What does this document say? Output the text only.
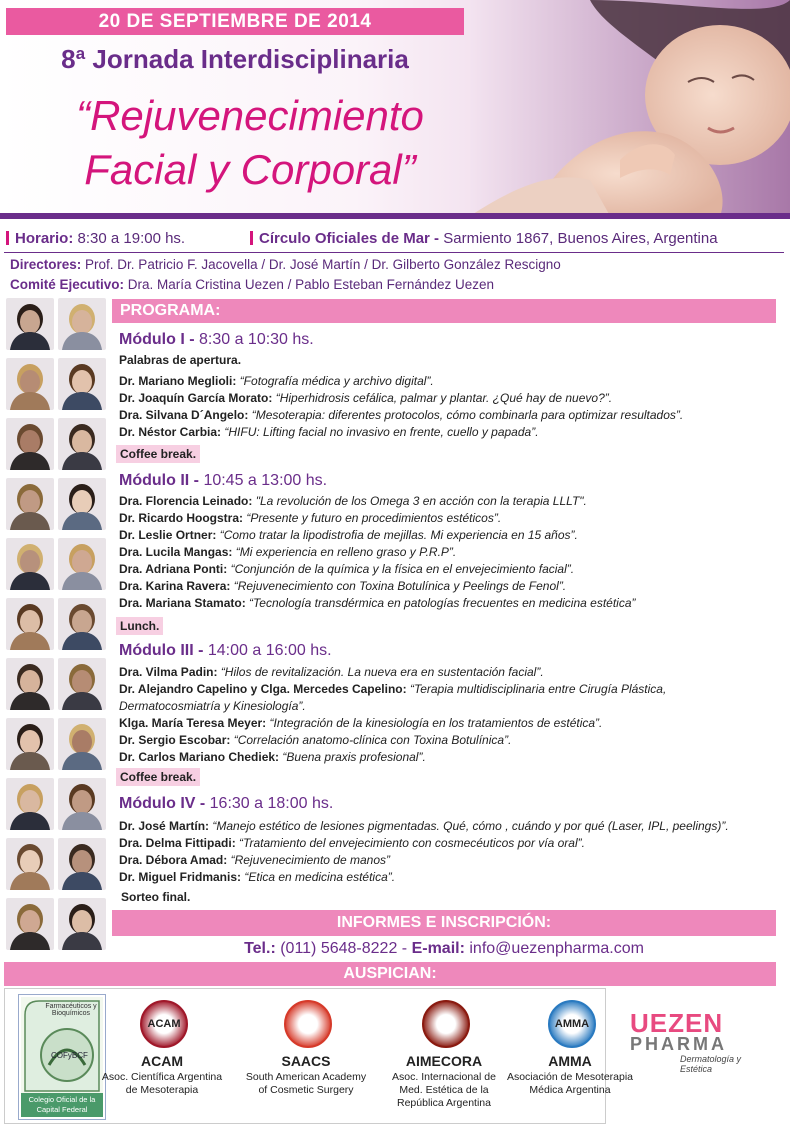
20 DE SEPTIEMBRE DE 2014
8ª Jornada Interdisciplinaria
“Rejuvenecimiento
Facial y Corporal”
Horario: 8:30 a 19:00 hs.	Círculo Oficiales de Mar - Sarmiento 1867, Buenos Aires, Argentina
Directores: Prof. Dr. Patricio F. Jacovella / Dr. José Martín / Dr. Gilberto González Rescigno
Comité Ejecutivo: Dra. María Cristina Uezen / Pablo Esteban Fernández Uezen
PROGRAMA:
Módulo I - 8:30 a 10:30 hs.
Palabras de apertura.
Dr. Mariano Meglioli: “Fotografía médica y archivo digital”.
Dr. Joaquín García Morato: “Hiperhidrosis cefálica, palmar y plantar. ¿Qué hay de nuevo?”.
Dra. Silvana D´Angelo: “Mesoterapia: diferentes protocolos, cómo combinarla para optimizar resultados”.
Dr. Néstor Carbia: “HIFU: Lifting facial no invasivo en frente, cuello y papada”.
Coffee break.
Módulo II - 10:45 a 13:00 hs.
Dra. Florencia Leinado: "La revolución de los Omega 3 en acción con la terapia LLLT".
Dr. Ricardo Hoogstra: “Presente y futuro en procedimientos estéticos”.
Dr. Leslie Ortner: “Como tratar la lipodistrofia de mejillas. Mi experiencia en 15 años”.
Dra. Lucila Mangas: “Mi experiencia en relleno graso y P.R.P”.
Dra. Adriana Ponti: “Conjunción de la química y la física en el envejecimiento facial”.
Dra. Karina Ravera: “Rejuvenecimiento con Toxina Botulínica y Peelings de Fenol”.
Dra. Mariana Stamato: “Tecnología transdérmica en patologías frecuentes en medicina estética”
Lunch.
Módulo III - 14:00 a 16:00 hs.
Dra. Vilma Padin: “Hilos de revitalización. La nueva era en sustentación facial”.
Dr. Alejandro Capelino y Clga. Mercedes Capelino: “Terapia multidisciplinaria entre Cirugía Plástica,
Dermatocosmiatría y Kinesiología”.
Klga. María Teresa Meyer: “Integración de la kinesiología en los tratamientos de estética”.
Dr. Sergio Escobar: “Correlación anatomo-clínica con Toxina Botulínica”.
Dr. Carlos Mariano Chediek: “Buena praxis profesional”.
Coffee break.
Módulo IV - 16:30 a 18:00 hs.
Dr. José Martín: “Manejo estético de lesiones pigmentadas. Qué, cómo , cuándo y por qué (Laser, IPL, peelings)”.
Dra. Delma Fittipadi: “Tratamiento del envejecimiento con cosmecéuticos por vía oral”.
Dra. Débora Amad: “Rejuvenecimiento de manos”
Dr. Miguel Fridmanis: “Etica en medicina estética”.
Sorteo final.
INFORMES E INSCRIPCIÓN:
Tel.: (011) 5648-8222 - E-mail: info@uezenpharma.com
AUSPICIAN:
Farmacéuticos y Bioquímicos
COFyBCF
Colegio Oficial de la Capital Federal
ACAM
ACAM
Asoc. Científica Argentina de Mesoterapia
SAACS
South American Academy of Cosmetic Surgery
AIMECORA
Asoc. Internacional de Med. Estética de la República Argentina
AMMA
AMMA
Asociación de Mesoterapia Médica Argentina
UEZEN
PHARMA
Dermatología y Estética
